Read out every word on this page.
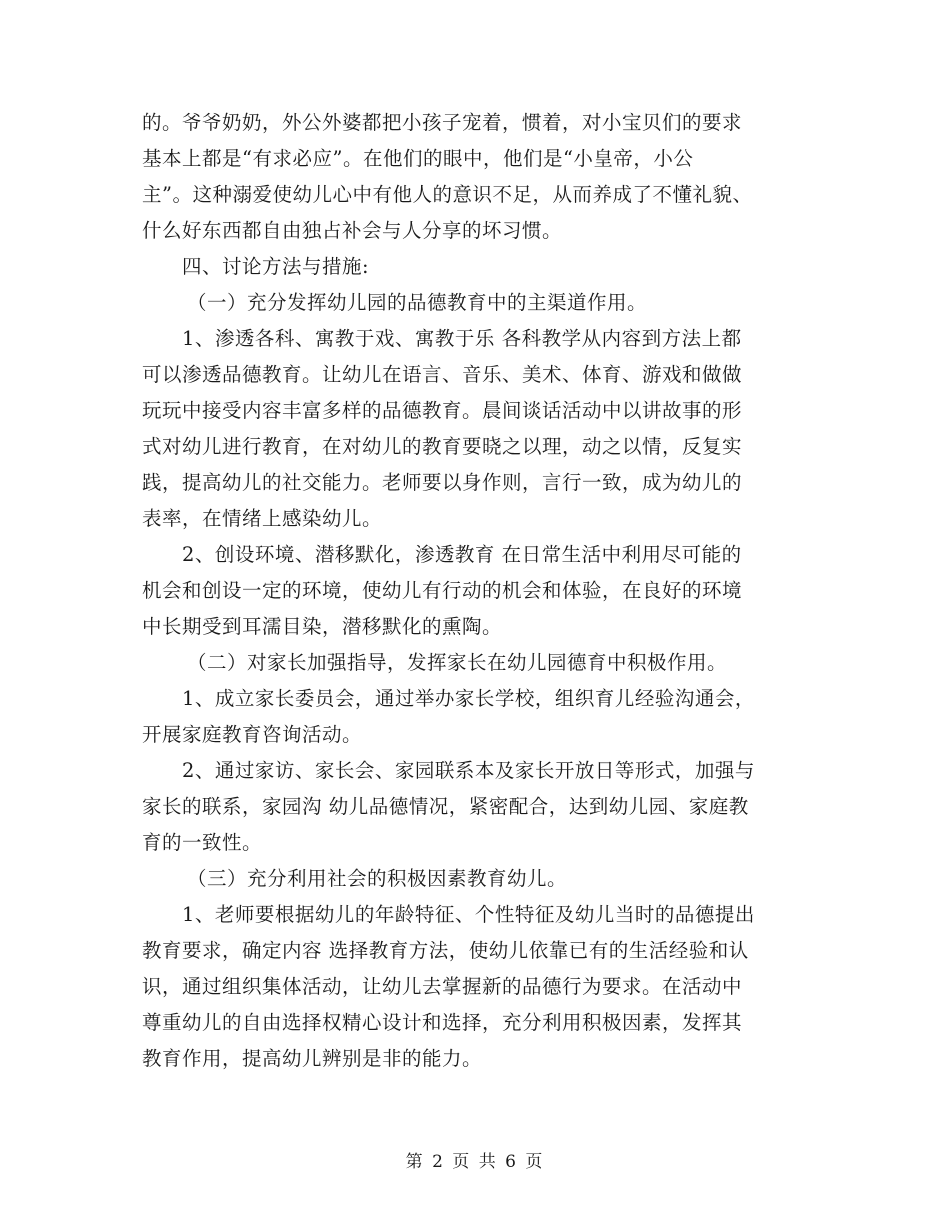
的。爷爷奶奶，外公外婆都把小孩子宠着，惯着，对小宝贝们的要求
基本上都是“有求必应”。在他们的眼中，他们是“小皇帝，小公
主”。这种溺爱使幼儿心中有他人的意识不足，从而养成了不懂礼貌、
什么好东西都自由独占补会与人分享的坏习惯。
四、讨论方法与措施:
（一）充分发挥幼儿园的品德教育中的主渠道作用。
1、渗透各科、寓教于戏、寓教于乐 各科教学从内容到方法上都
可以渗透品德教育。让幼儿在语言、音乐、美术、体育、游戏和做做
玩玩中接受内容丰富多样的品德教育。晨间谈话活动中以讲故事的形
式对幼儿进行教育，在对幼儿的教育要晓之以理，动之以情，反复实
践，提高幼儿的社交能力。老师要以身作则，言行一致，成为幼儿的
表率，在情绪上感染幼儿。
2、创设环境、潜移默化，渗透教育 在日常生活中利用尽可能的
机会和创设一定的环境，使幼儿有行动的机会和体验，在良好的环境
中长期受到耳濡目染，潜移默化的熏陶。
（二）对家长加强指导，发挥家长在幼儿园德育中积极作用。
1、成立家长委员会，通过举办家长学校，组织育儿经验沟通会，
开展家庭教育咨询活动。
2、通过家访、家长会、家园联系本及家长开放日等形式，加强与
家长的联系，家园沟 幼儿品德情况，紧密配合，达到幼儿园、家庭教
育的一致性。
（三）充分利用社会的积极因素教育幼儿。
1、老师要根据幼儿的年龄特征、个性特征及幼儿当时的品德提出
教育要求，确定内容 选择教育方法，使幼儿依靠已有的生活经验和认
识，通过组织集体活动，让幼儿去掌握新的品德行为要求。在活动中
尊重幼儿的自由选择权精心设计和选择，充分利用积极因素，发挥其
教育作用，提高幼儿辨别是非的能力。
第 2 页 共 6 页
